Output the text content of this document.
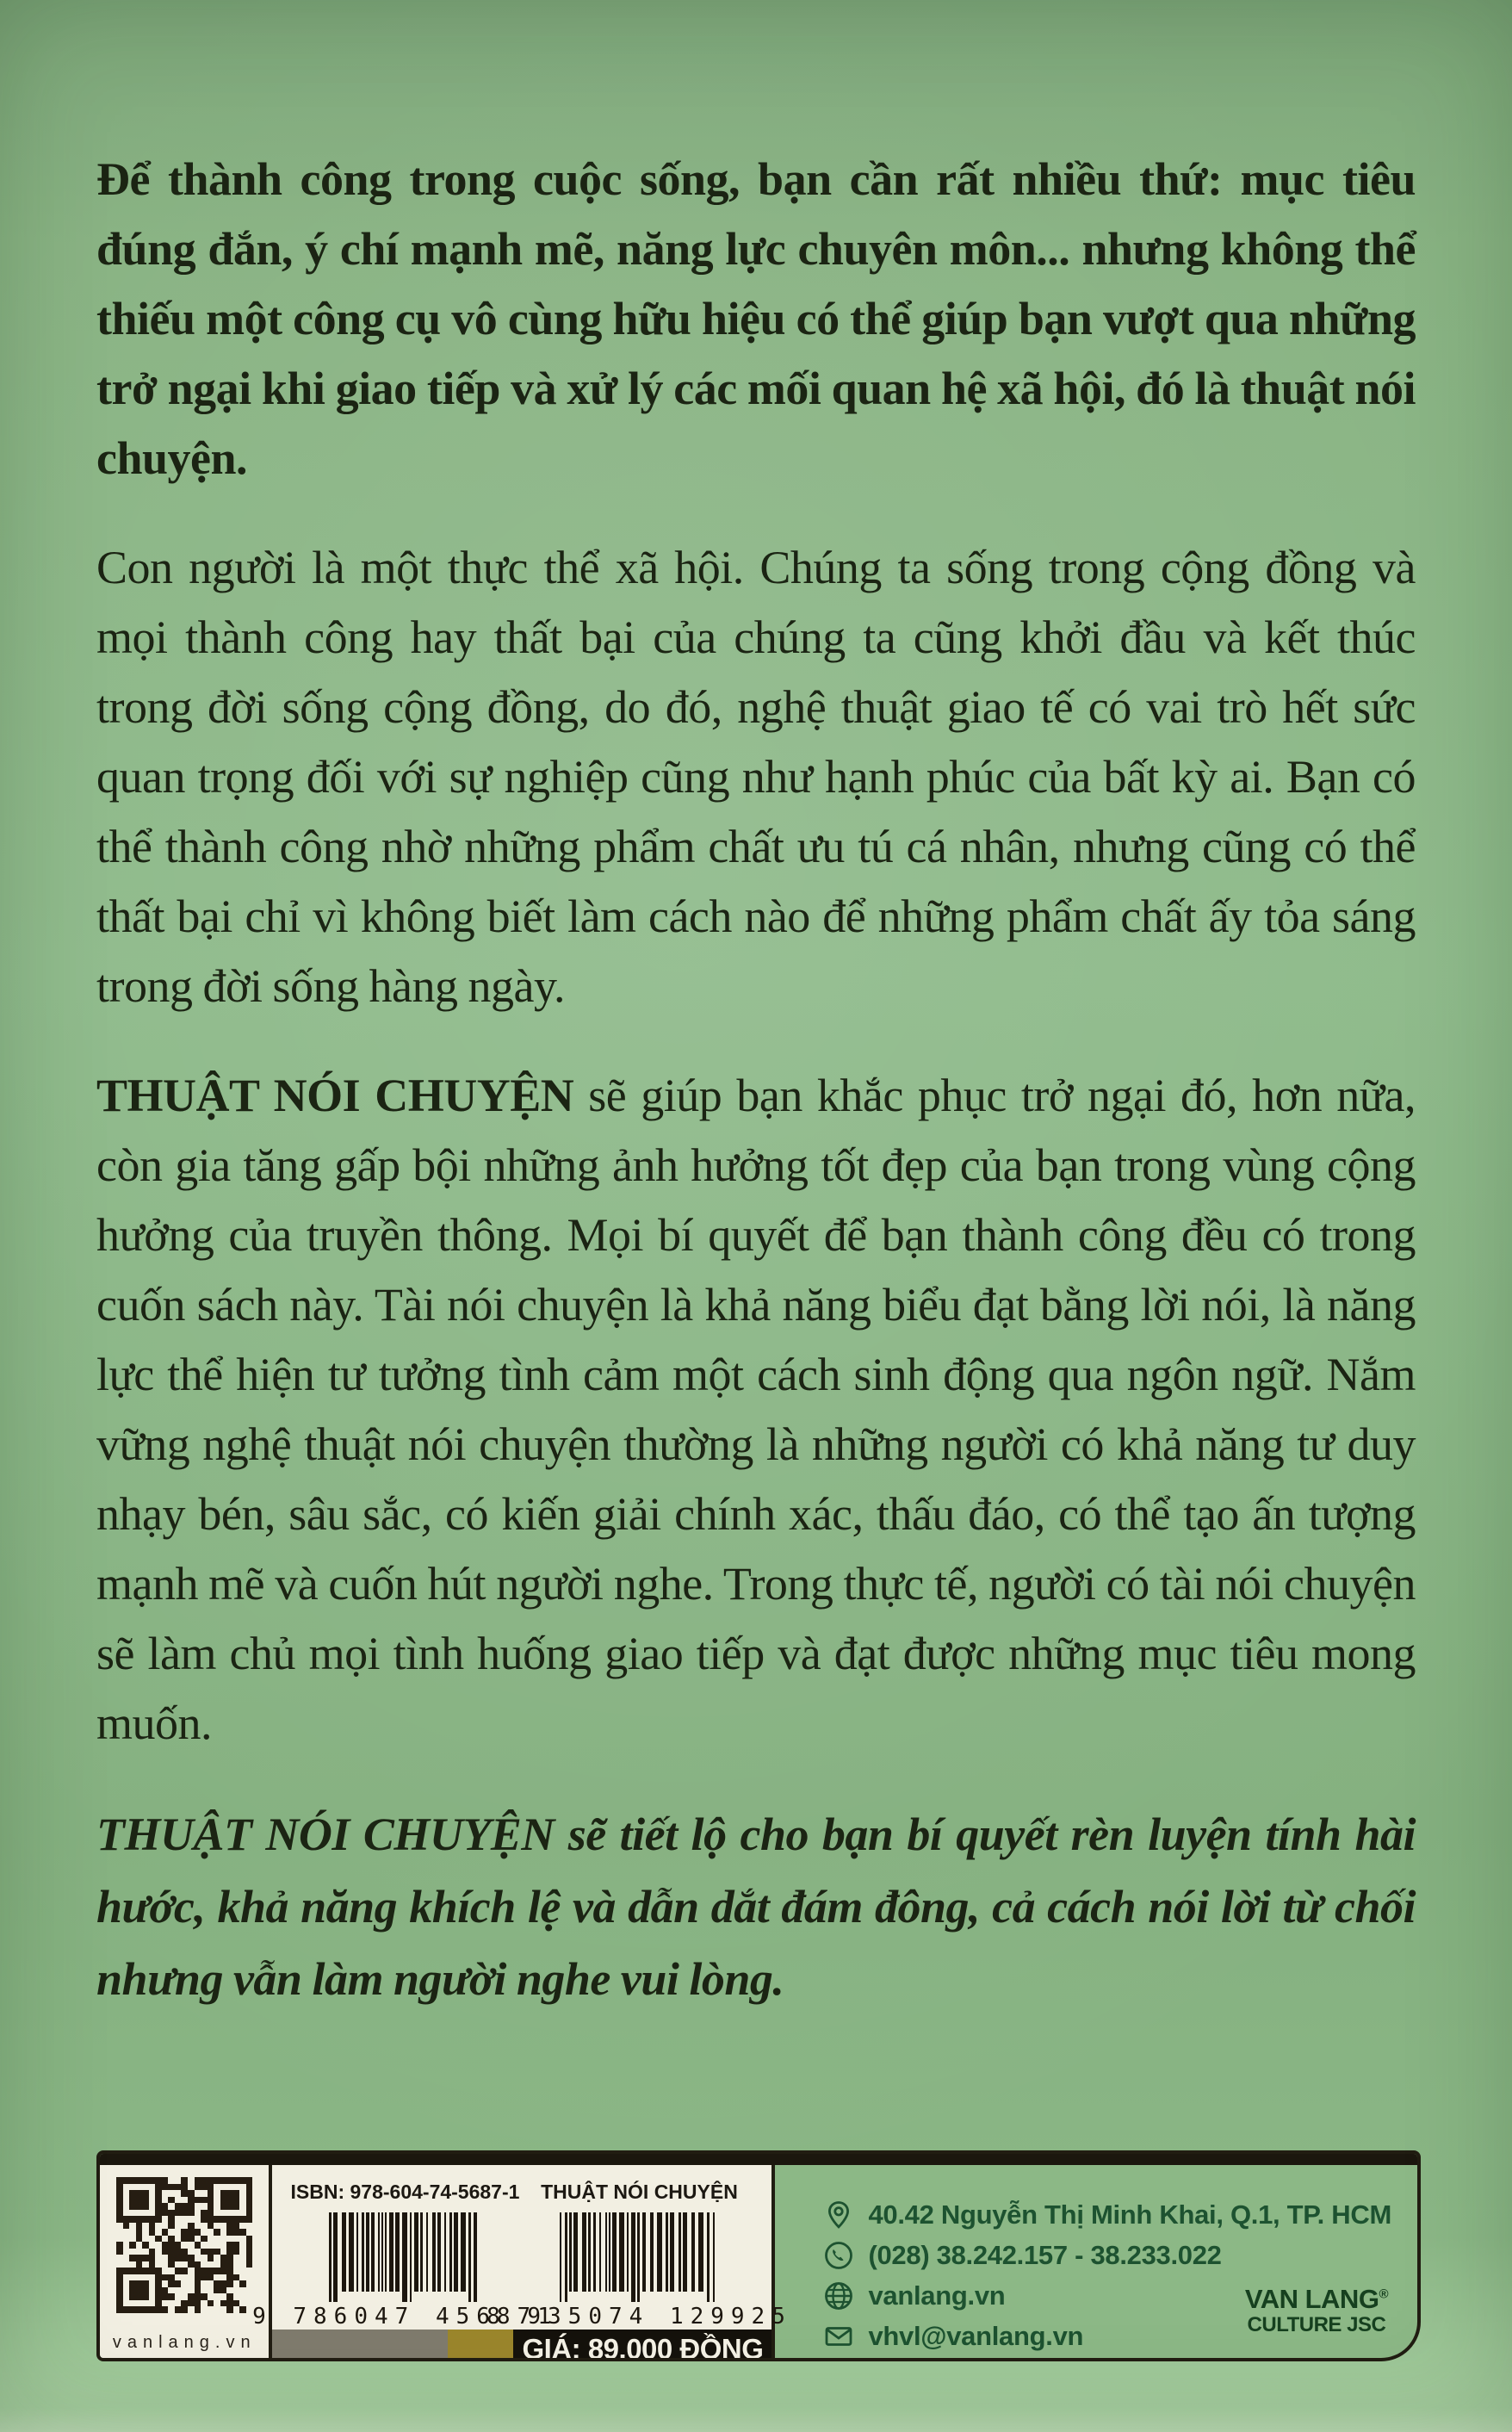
Để thành công trong cuộc sống, bạn cần rất nhiều thứ: mục tiêu đúng đắn, ý chí mạnh mẽ, năng lực chuyên môn... nhưng không thể thiếu một công cụ vô cùng hữu hiệu có thể giúp bạn vượt qua những trở ngại khi giao tiếp và xử lý các mối quan hệ xã hội, đó là thuật nói chuyện.

Con người là một thực thể xã hội. Chúng ta sống trong cộng đồng và mọi thành công hay thất bại của chúng ta cũng khởi đầu và kết thúc trong đời sống cộng đồng, do đó, nghệ thuật giao tế có vai trò hết sức quan trọng đối với sự nghiệp cũng như hạnh phúc của bất kỳ ai. Bạn có thể thành công nhờ những phẩm chất ưu tú cá nhân, nhưng cũng có thể thất bại chỉ vì không biết làm cách nào để những phẩm chất ấy tỏa sáng trong đời sống hàng ngày.

THUẬT NÓI CHUYỆN sẽ giúp bạn khắc phục trở ngại đó, hơn nữa, còn gia tăng gấp bội những ảnh hưởng tốt đẹp của bạn trong vùng cộng hưởng của truyền thông. Mọi bí quyết để bạn thành công đều có trong cuốn sách này. Tài nói chuyện là khả năng biểu đạt bằng lời nói, là năng lực thể hiện tư tưởng tình cảm một cách sinh động qua ngôn ngữ. Nắm vững nghệ thuật nói chuyện thường là những người có khả năng tư duy nhạy bén, sâu sắc, có kiến giải chính xác, thấu đáo, có thể tạo ấn tượng mạnh mẽ và cuốn hút người nghe. Trong thực tế, người có tài nói chuyện sẽ làm chủ mọi tình huống giao tiếp và đạt được những mục tiêu mong muốn.

THUẬT NÓI CHUYỆN sẽ tiết lộ cho bạn bí quyết rèn luyện tính hài hước, khả năng khích lệ và dẫn dắt đám đông, cả cách nói lời từ chối nhưng vẫn làm người nghe vui lòng.

vanlang.vn
ISBN: 978-604-74-5687-1
9 786047 456871
THUẬT NÓI CHUYỆN
8 935074 129925
GIÁ: 89.000 ĐỒNG
40.42 Nguyễn Thị Minh Khai, Q.1, TP. HCM
(028) 38.242.157 - 38.233.022
vanlang.vn
vhvl@vanlang.vn
VAN LANG®
CULTURE JSC
